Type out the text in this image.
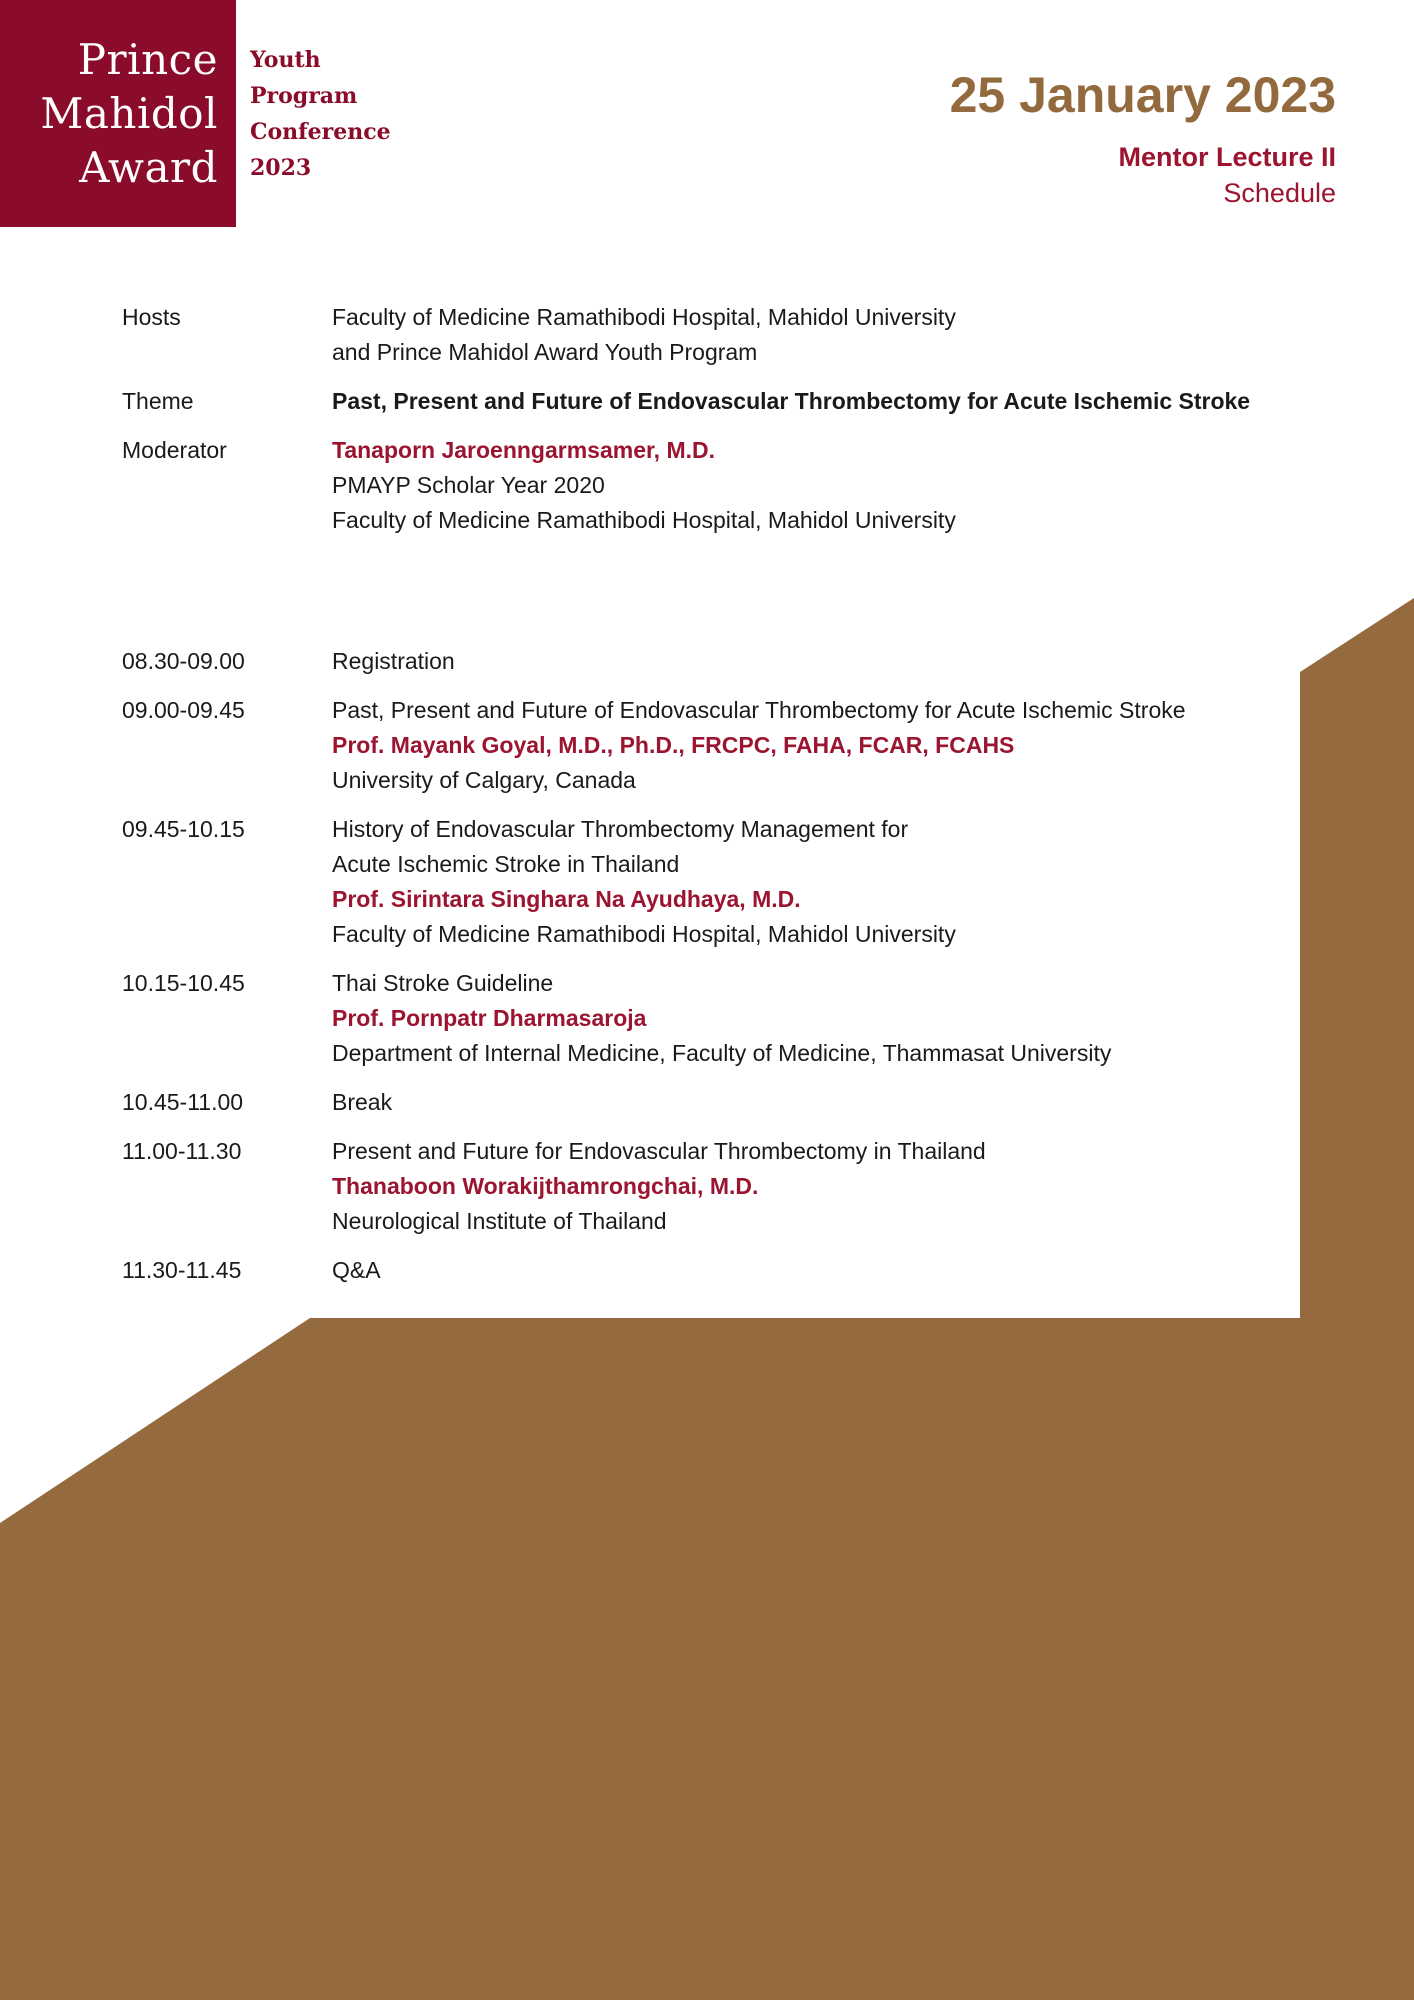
Prince
Mahidol
Award
Youth
Program
Conference
2023
25 January 2023
Mentor Lecture II
Schedule
Hosts	Faculty of Medicine Ramathibodi Hospital, Mahidol University
and Prince Mahidol Award Youth Program
Theme	Past, Present and Future of Endovascular Thrombectomy for Acute Ischemic Stroke
Moderator	Tanaporn Jaroenngarmsamer, M.D.
PMAYP Scholar Year 2020
Faculty of Medicine Ramathibodi Hospital, Mahidol University
08.30-09.00	Registration
09.00-09.45	Past, Present and Future of Endovascular Thrombectomy for Acute Ischemic Stroke
Prof. Mayank Goyal, M.D., Ph.D., FRCPC, FAHA, FCAR, FCAHS
University of Calgary, Canada
09.45-10.15	History of Endovascular Thrombectomy Management for
Acute Ischemic Stroke in Thailand
Prof. Sirintara Singhara Na Ayudhaya, M.D.
Faculty of Medicine Ramathibodi Hospital, Mahidol University
10.15-10.45	Thai Stroke Guideline
Prof. Pornpatr Dharmasaroja
Department of Internal Medicine, Faculty of Medicine, Thammasat University
10.45-11.00	Break
11.00-11.30	Present and Future for Endovascular Thrombectomy in Thailand
Thanaboon Worakijthamrongchai, M.D.
Neurological Institute of Thailand
11.30-11.45	Q&A
